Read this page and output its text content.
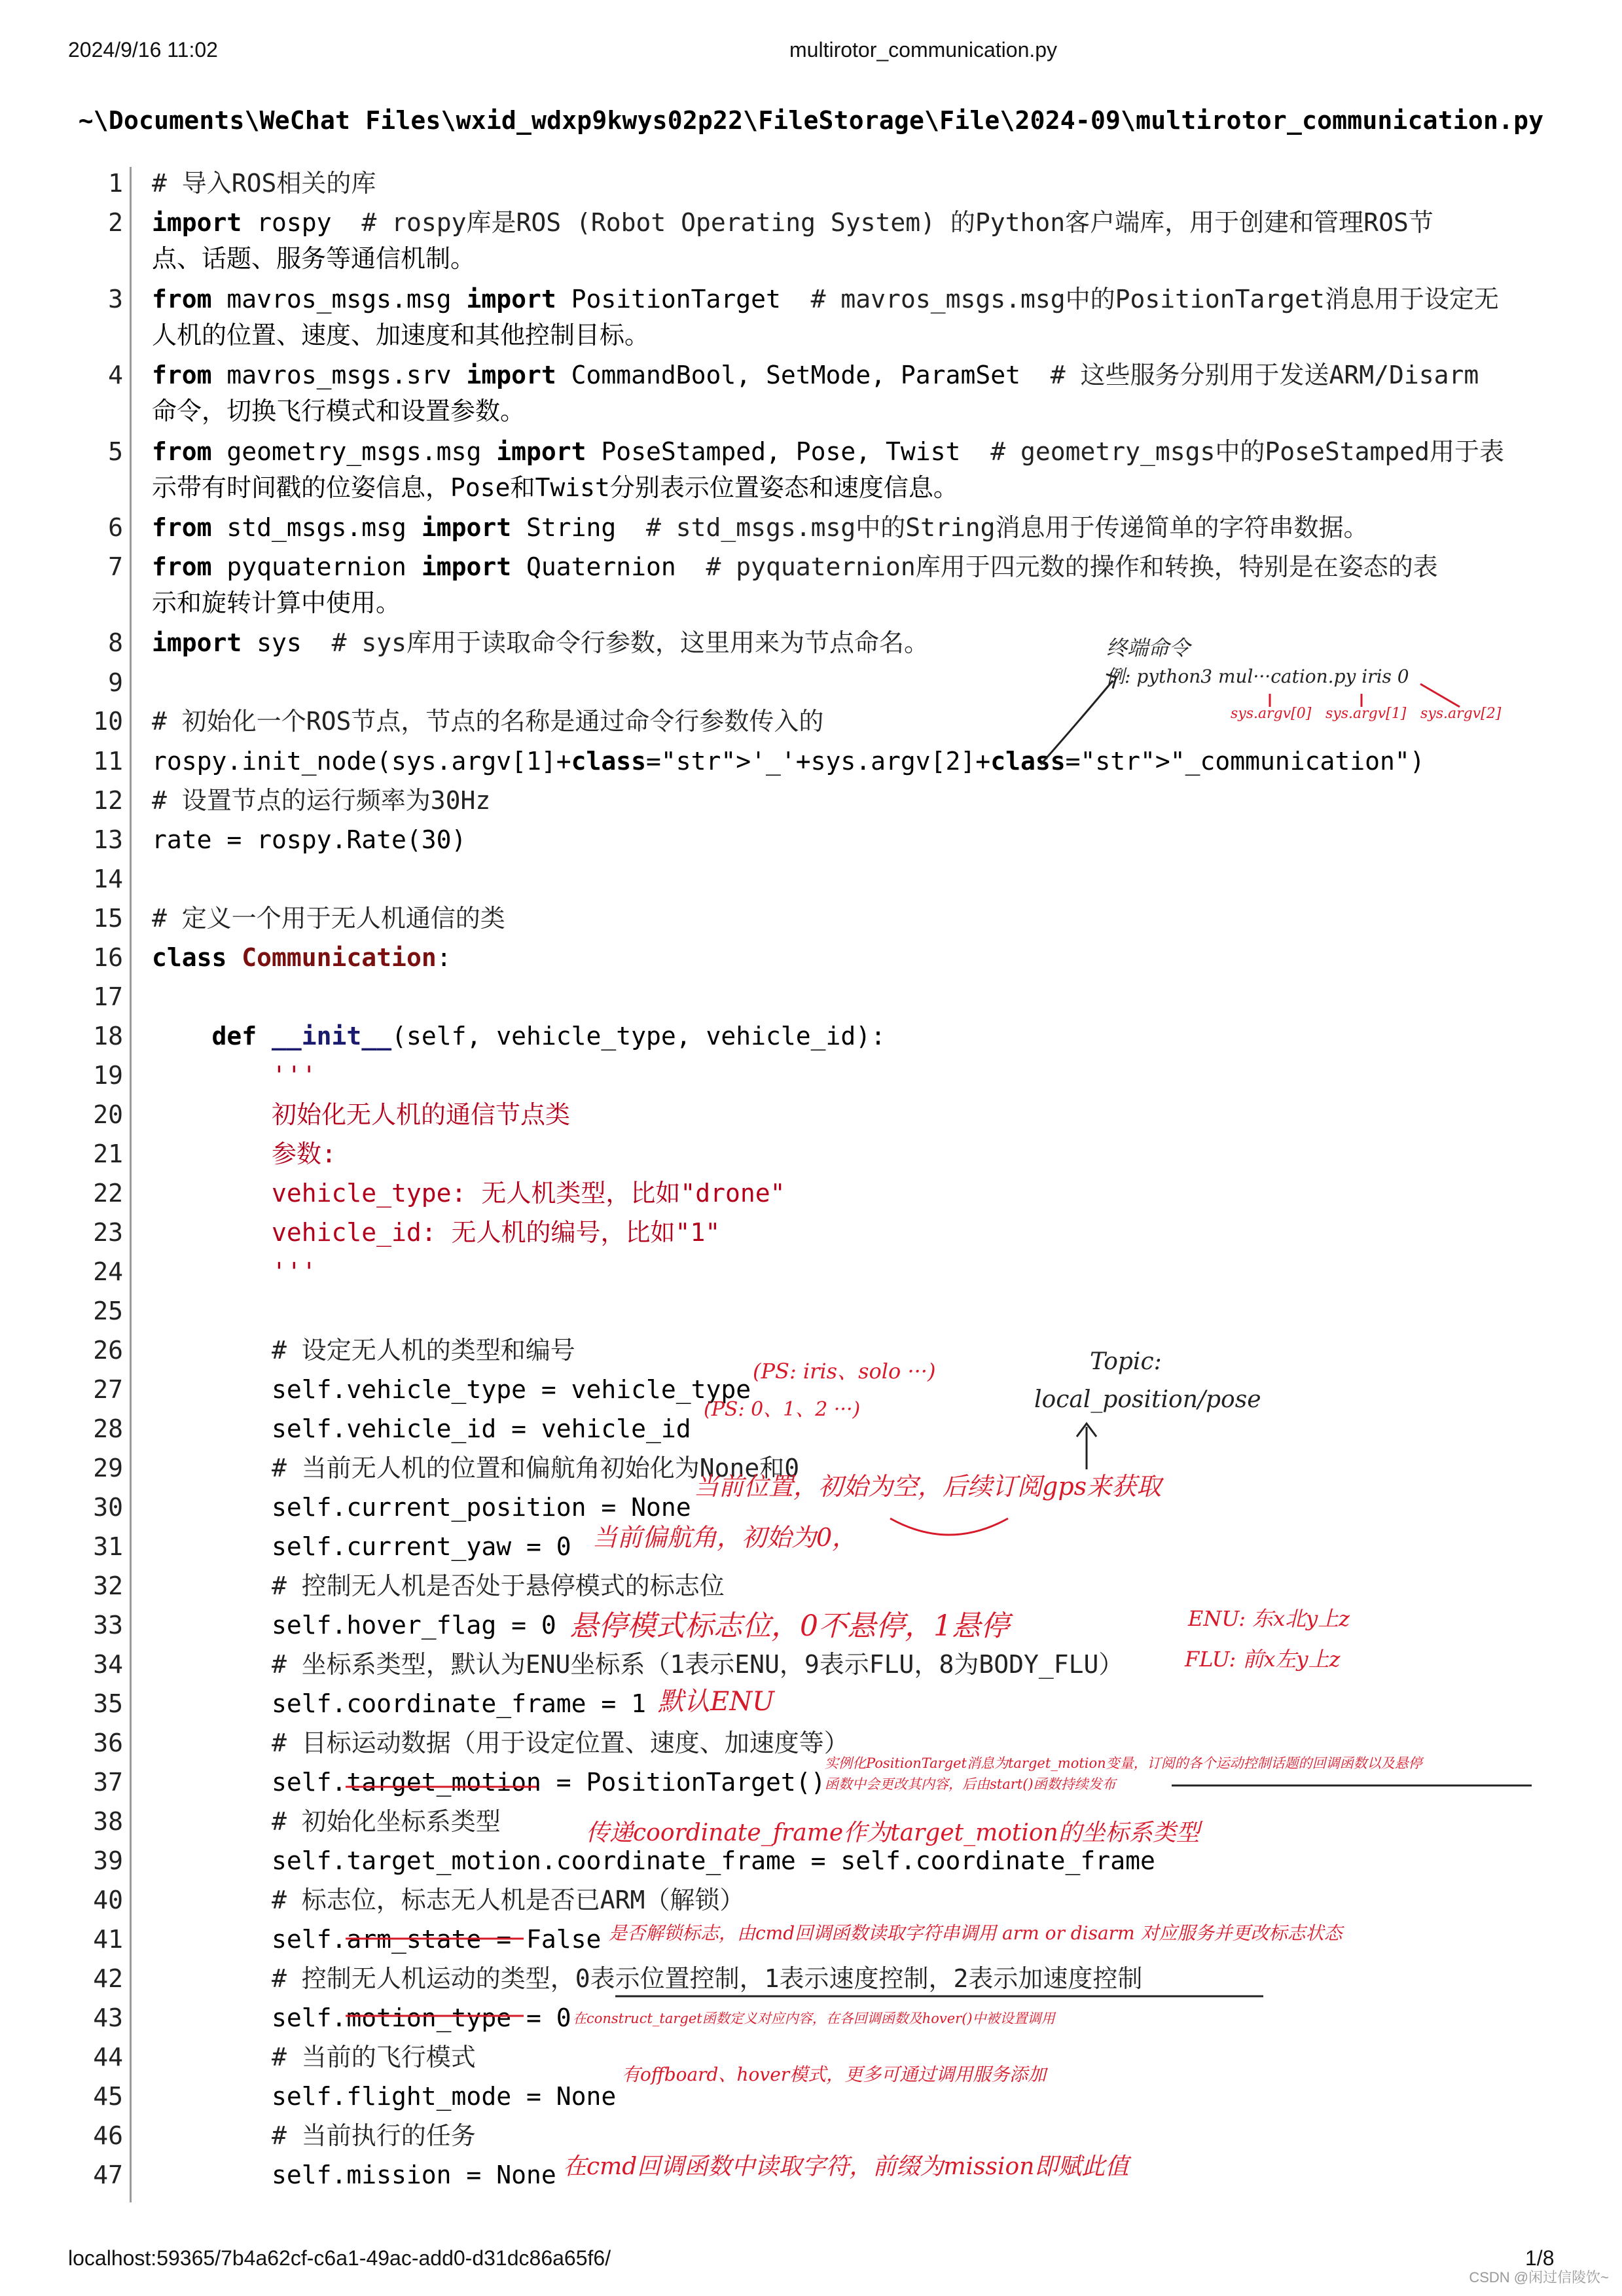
2024/9/16 11:02	multirotor_communication.py
~\Documents\WeChat Files\wxid_wdxp9kwys02p22\FileStorage\File\2024-09\multirotor_communication.py
1 # 导入ROS相关的库
2 import rospy  # rospy库是ROS (Robot Operating System) 的Python客户端库，用于创建和管理ROS节
点、话题、服务等通信机制。
3 from mavros_msgs.msg import PositionTarget  # mavros_msgs.msg中的PositionTarget消息用于设定无
人机的位置、速度、加速度和其他控制目标。
4 from mavros_msgs.srv import CommandBool, SetMode, ParamSet  # 这些服务分别用于发送ARM/Disarm
命令，切换飞行模式和设置参数。
5 from geometry_msgs.msg import PoseStamped, Pose, Twist  # geometry_msgs中的PoseStamped用于表
示带有时间戳的位姿信息，Pose和Twist分别表示位置姿态和速度信息。
6 from std_msgs.msg import String  # std_msgs.msg中的String消息用于传递简单的字符串数据。
7 from pyquaternion import Quaternion  # pyquaternion库用于四元数的操作和转换，特别是在姿态的表
示和旋转计算中使用。
8 import sys  # sys库用于读取命令行参数，这里用来为节点命名。
9
10 # 初始化一个ROS节点，节点的名称是通过命令行参数传入的
11 rospy.init_node(sys.argv[1]+class="str">'_'+sys.argv[2]+class="str">"_communication")
12 # 设置节点的运行频率为30Hz
13 rate = rospy.Rate(30)
14
15 # 定义一个用于无人机通信的类
16 class Communication:
17
18	def __init__(self, vehicle_type, vehicle_id):
19 '''
20 初始化无人机的通信节点类
21 参数:
22 vehicle_type: 无人机类型，比如"drone"
23 vehicle_id: 无人机的编号，比如"1"
24 '''
25
26 # 设定无人机的类型和编号
27 self.vehicle_type = vehicle_type
28 self.vehicle_id = vehicle_id
29 # 当前无人机的位置和偏航角初始化为None和0
30 self.current_position = None
31 self.current_yaw = 0
32 # 控制无人机是否处于悬停模式的标志位
33 self.hover_flag = 0
34 # 坐标系类型，默认为ENU坐标系（1表示ENU，9表示FLU，8为BODY_FLU）
35 self.coordinate_frame = 1
36 # 目标运动数据（用于设定位置、速度、加速度等）
37 self.target_motion = PositionTarget()
38 # 初始化坐标系类型
39 self.target_motion.coordinate_frame = self.coordinate_frame
40 # 标志位，标志无人机是否已ARM（解锁）
41 self.arm_state = False
42 # 控制无人机运动的类型，0表示位置控制，1表示速度控制，2表示加速度控制
43 self.motion_type = 0
44 # 当前的飞行模式
45 self.flight_mode = None
46 # 当前执行的任务
47 self.mission = None
终端命令
例: python3 mul···cation.py iris 0
sys.argv[0] sys.argv[1] sys.argv[2]
(PS: iris、solo ···)
(PS: 0、1、2 ···)
Topic:
local_position/pose
当前位置，初始为空，后续订阅gps来获取
当前偏航角，初始为0，
悬停模式标志位，0不悬停，1悬停	ENU: 东x北y上z
FLU: 前x左y上z
默认ENU
实例化PositionTarget消息为target_motion变量，订阅的各个运动控制话题的回调函数以及悬停
函数中会更改其内容，后由start()函数持续发布
传递coordinate_frame作为target_motion的坐标系类型
是否解锁标志，由cmd回调函数读取字符串调用 arm or disarm 对应服务并更改标志状态
在construct_target函数定义对应内容，在各回调函数及hover()中被设置调用
有offboard、hover模式，更多可通过调用服务添加
在cmd回调函数中读取字符，前缀为mission即赋此值
localhost:59365/7b4a62cf-c6a1-49ac-add0-d31dc86a65f6/	1/8
CSDN @闲过信陵饮~
